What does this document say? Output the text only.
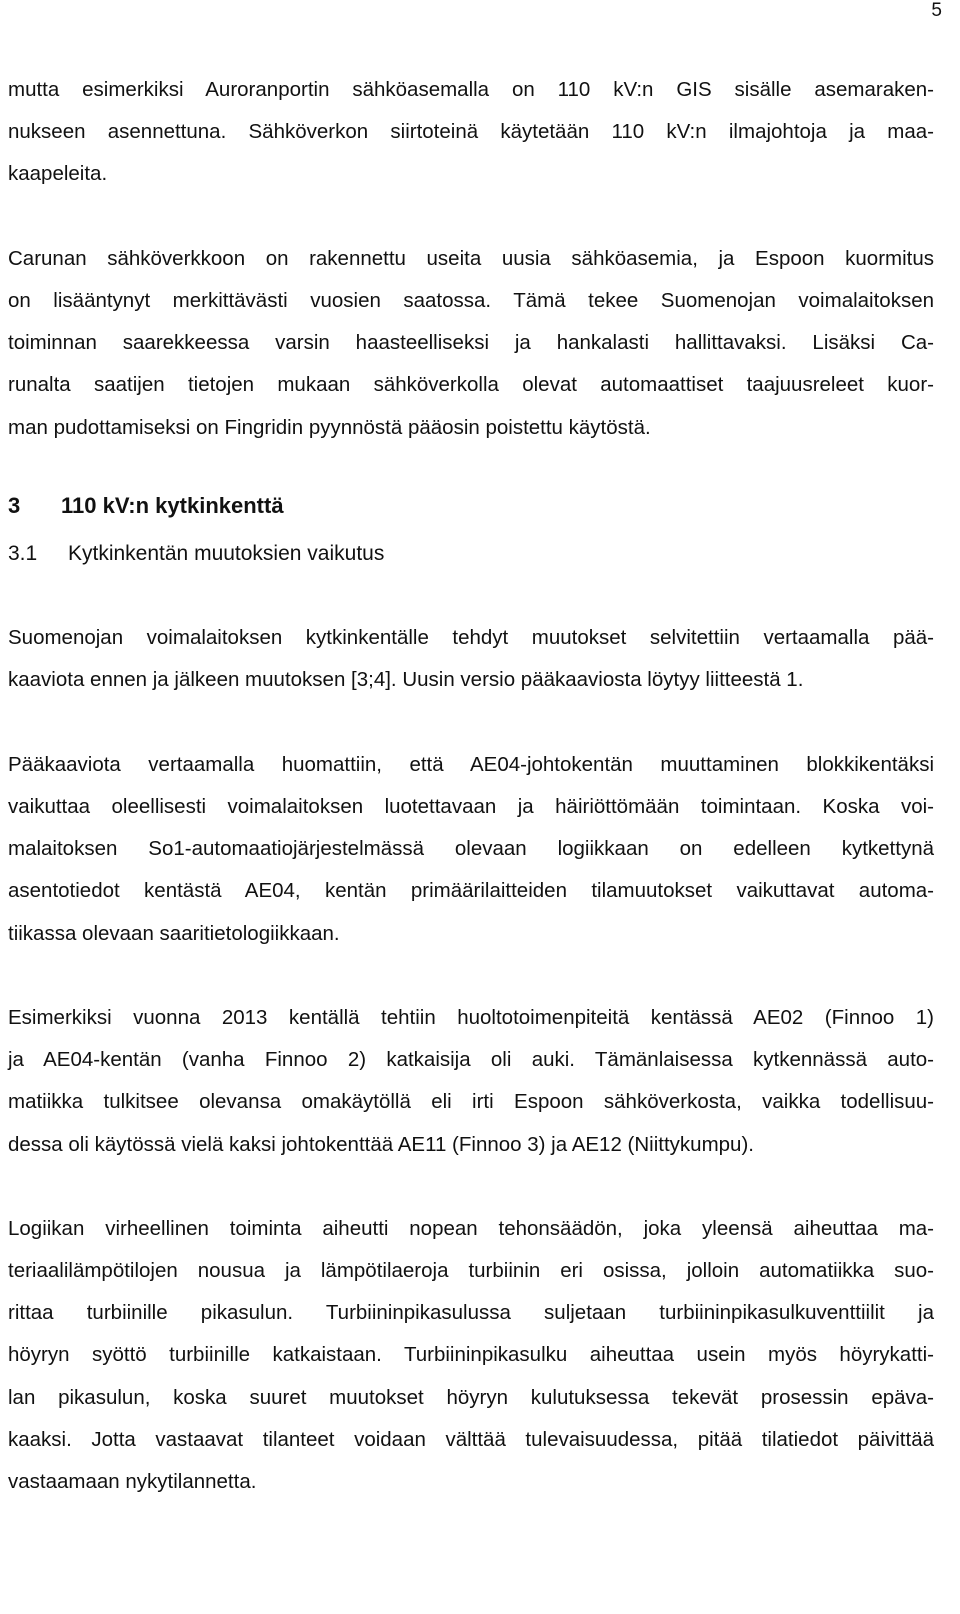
5
mutta esimerkiksi Auroranportin sähköasemalla on 110 kV:n GIS sisälle asemaraken-
nukseen asennettuna. Sähköverkon siirtoteinä käytetään 110 kV:n ilmajohtoja ja maa-
kaapeleita.
Carunan sähköverkkoon on rakennettu useita uusia sähköasemia, ja Espoon kuormitus
on lisääntynyt merkittävästi vuosien saatossa. Tämä tekee Suomenojan voimalaitoksen
toiminnan saarekkeessa varsin haasteelliseksi ja hankalasti hallittavaksi. Lisäksi Ca-
runalta saatijen tietojen mukaan sähköverkolla olevat automaattiset taajuusreleet kuor-
man pudottamiseksi on Fingridin pyynnöstä pääosin poistettu käytöstä.
3 110 kV:n kytkinkenttä
3.1 Kytkinkentän muutoksien vaikutus
Suomenojan voimalaitoksen kytkinkentälle tehdyt muutokset selvitettiin vertaamalla pää-
kaaviota ennen ja jälkeen muutoksen [3;4]. Uusin versio pääkaaviosta löytyy liitteestä 1.
Pääkaaviota vertaamalla huomattiin, että AE04-johtokentän muuttaminen blokkikentäksi
vaikuttaa oleellisesti voimalaitoksen luotettavaan ja häiriöttömään toimintaan. Koska voi-
malaitoksen So1-automaatiojärjestelmässä olevaan logiikkaan on edelleen kytkettynä
asentotiedot kentästä AE04, kentän primäärilaitteiden tilamuutokset vaikuttavat automa-
tiikassa olevaan saaritietologiikkaan.
Esimerkiksi vuonna 2013 kentällä tehtiin huoltotoimenpiteitä kentässä AE02 (Finnoo 1)
ja AE04-kentän (vanha Finnoo 2) katkaisija oli auki. Tämänlaisessa kytkennässä auto-
matiikka tulkitsee olevansa omakäytöllä eli irti Espoon sähköverkosta, vaikka todellisuu-
dessa oli käytössä vielä kaksi johtokenttää AE11 (Finnoo 3) ja AE12 (Niittykumpu).
Logiikan virheellinen toiminta aiheutti nopean tehonsäädön, joka yleensä aiheuttaa ma-
teriaalilämpötilojen nousua ja lämpötilaeroja turbiinin eri osissa, jolloin automatiikka suo-
rittaa turbiinille pikasulun. Turbiininpikasulussa suljetaan turbiininpikasulkuventtiilit ja
höyryn syöttö turbiinille katkaistaan. Turbiininpikasulku aiheuttaa usein myös höyrykatti-
lan pikasulun, koska suuret muutokset höyryn kulutuksessa tekevät prosessin epäva-
kaaksi. Jotta vastaavat tilanteet voidaan välttää tulevaisuudessa, pitää tilatiedot päivittää
vastaamaan nykytilannetta.
